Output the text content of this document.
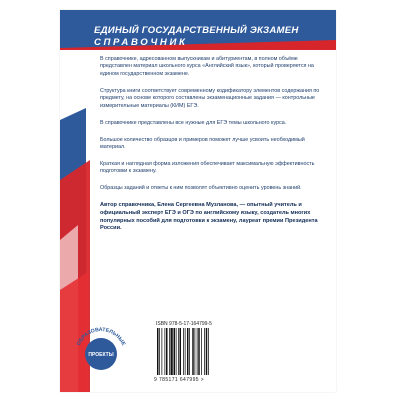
ЕДИНЫЙ ГОСУДАРСТВЕННЫЙ ЭКЗАМЕН
СПРАВОЧНИК

В справочнике, адресованном выпускникам и абитуриентам, в полном объёме представлен материал школьного курса «Английский язык», который проверяется на едином государственном экзамене.

Структура книги соответствует современному кодификатору элементов содержания по предмету, на основе которого составлены экзаменационные задания — контрольные измерительные материалы (КИМ) ЕГЭ.

В справочнике представлены все нужные для ЕГЭ темы школьного курса.

Большое количество образцов и примеров поможет лучше усвоить необходимый материал.

Краткая и наглядная форма изложения обеспечивает максимальную эффективность подготовки к экзамену.

Образцы заданий и ответы к ним позволят объективно оценить уровень знаний.

Автор справочника, Елена Сергеевна Музланова, — опытный учитель и официальный эксперт ЕГЭ и ОГЭ по английскому языку, создатель многих популярных пособий для подготовки к экзамену, лауреат премии Президента России.
ISBN 978-5-17-164799-5
9 785171 647995 >
ОБРАЗОВАТЕЛЬНЫЕ
ПРОЕКТЫ
